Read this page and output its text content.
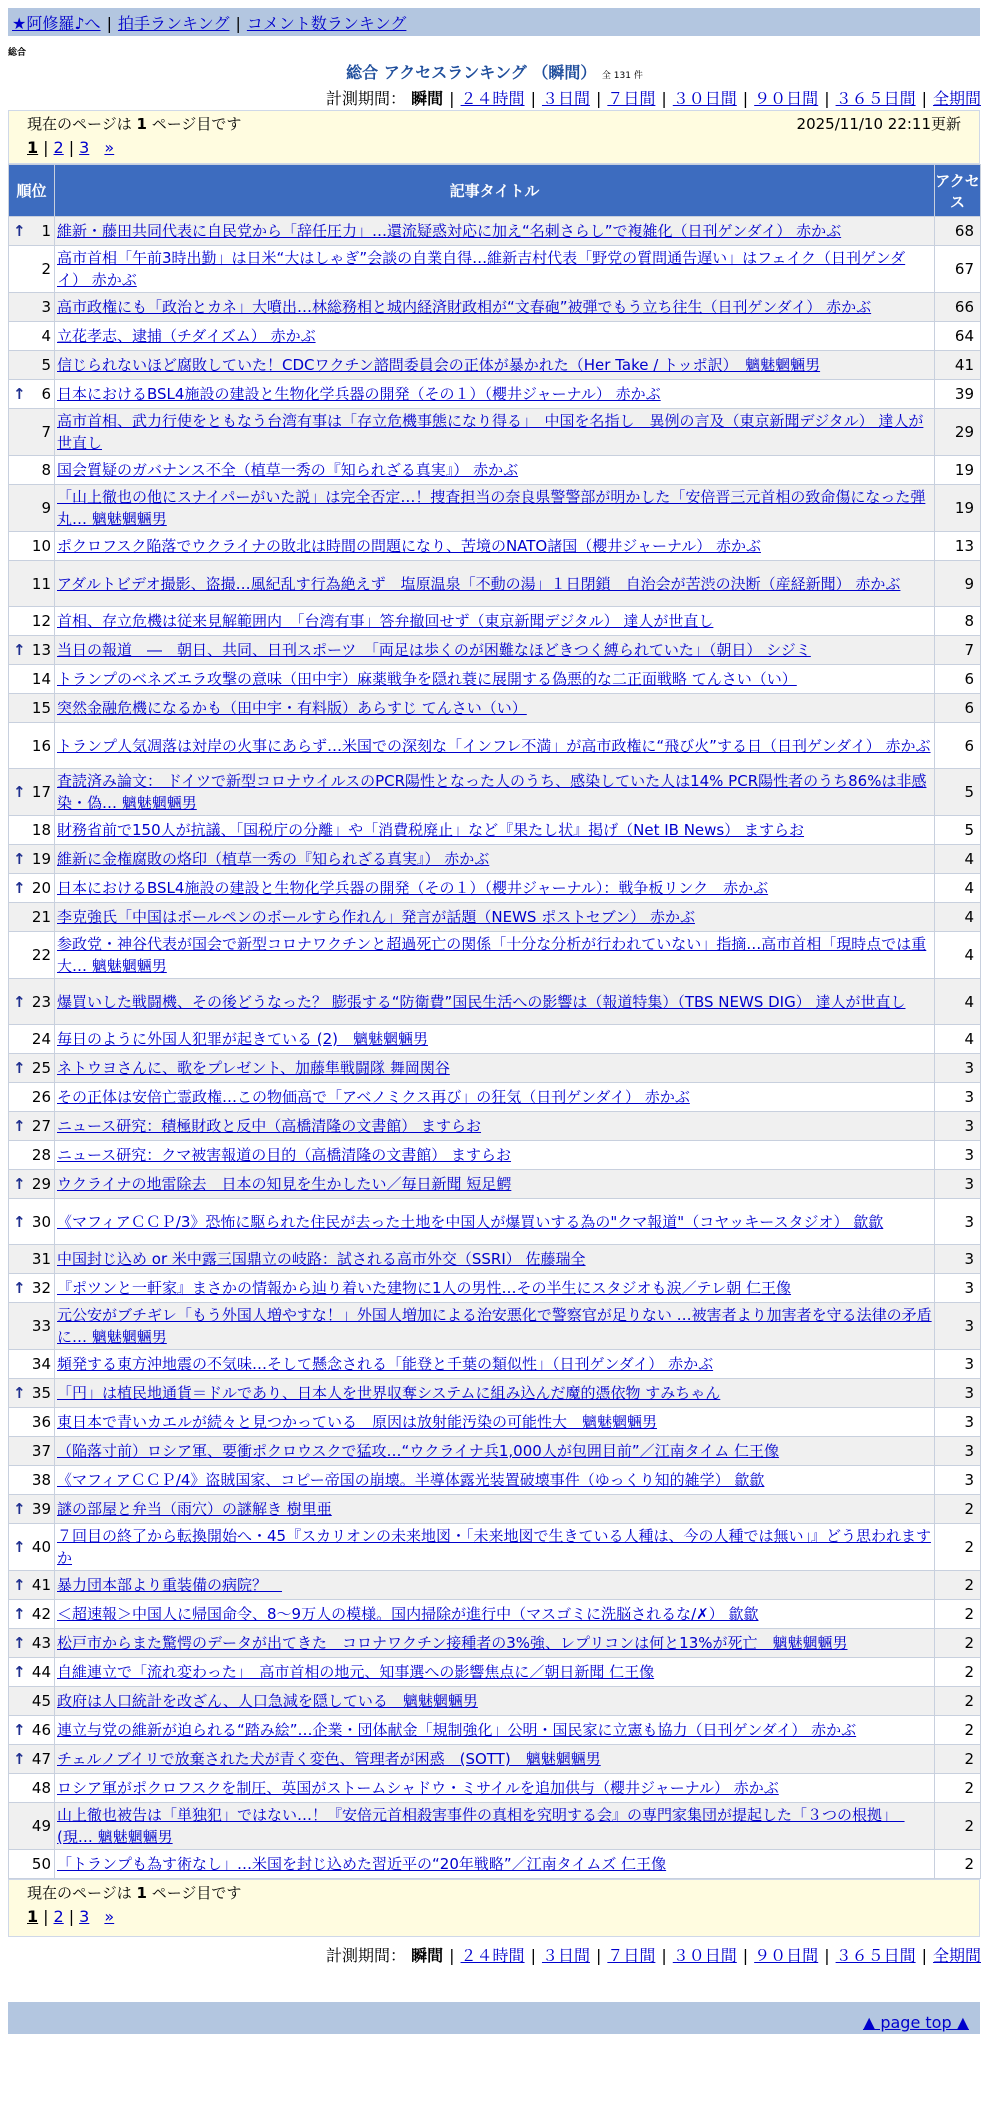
★阿修羅♪へ | 拍手ランキング | コメント数ランキング
総合
総合 アクセスランキング （瞬間） 全 131 件
計測期間： 瞬間 | ２４時間 | ３日間 | ７日間 | ３０日間 | ９０日間 | ３６５日間 | 全期間
現在のページは 1 ページ目です	2025/11/10 22:11更新
1 | 2 | 3 »
順位	記事タイトル	アクセス

↑ 1	維新・藤田共同代表に自民党から「辞任圧力」…還流疑惑対応に加え“名刺さらし”で複雑化（日刊ゲンダイ） 赤かぶ	68
2	高市首相「午前3時出勤」は日米“大はしゃぎ”会談の自業自得…維新吉村代表「野党の質問通告遅い」はフェイク（日刊ゲンダイ） 赤かぶ	67
3	高市政権にも「政治とカネ」大噴出…林総務相と城内経済財政相が“文春砲”被弾でもう立ち往生（日刊ゲンダイ） 赤かぶ	66
4	立花孝志、逮捕（チダイズム） 赤かぶ	64
5	信じられないほど腐敗していた！CDCワクチン諮問委員会の正体が暴かれた（Her Take / トッポ訳）　魑魅魍魎男	41

↑ 6	日本におけるBSL4施設の建設と生物化学兵器の開発（その１）（櫻井ジャーナル） 赤かぶ	39
7	高市首相、武力行使をともなう台湾有事は「存立危機事態になり得る」　中国を名指し　異例の言及（東京新聞デジタル） 達人が世直し	29
8	国会質疑のガバナンス不全（植草一秀の『知られざる真実』） 赤かぶ	19
9	「山上徹也の他にスナイパーがいた説」は完全否定…！捜査担当の奈良県警警部が明かした「安倍晋三元首相の致命傷になった弾丸… 魑魅魍魎男	19
10	ポクロフスク陥落でウクライナの敗北は時間の問題になり、苦境のNATO諸国（櫻井ジャーナル） 赤かぶ	13
11	アダルトビデオ撮影、盗撮…風紀乱す行為絶えず　塩原温泉「不動の湯」１日閉鎖　自治会が苦渋の決断（産経新聞） 赤かぶ	9
12	首相、存立危機は従来見解範囲内　「台湾有事」答弁撤回せず（東京新聞デジタル） 達人が世直し	8

↑ 13	当日の報道　―　朝日、共同、日刊スポーツ　「両足は歩くのが困難なほどきつく縛られていた」（朝日） シジミ	7
14	トランプのベネズエラ攻撃の意味（田中宇）麻薬戦争を隠れ蓑に展開する偽悪的な二正面戦略 てんさい（い）	6
15	突然金融危機になるかも（田中宇・有料版）あらすじ てんさい（い）	6
16	トランプ人気凋落は対岸の火事にあらず…米国での深刻な「インフレ不満」が高市政権に“飛び火”する日（日刊ゲンダイ） 赤かぶ	6

↑ 17	査読済み論文： ドイツで新型コロナウイルスのPCR陽性となった人のうち、感染していた人は14% PCR陽性者のうち86%は非感染・偽… 魑魅魍魎男	5
18	財務省前で150人が抗議、「国税庁の分離」や「消費税廃止」など『果たし状』掲げ（Net IB News） ますらお	5

↑ 19	維新に金権腐敗の烙印（植草一秀の『知られざる真実』） 赤かぶ	4

↑ 20	日本におけるBSL4施設の建設と生物化学兵器の開発（その１）（櫻井ジャーナル）：戦争板リンク　赤かぶ	4
21	李克強氏「中国はボールペンのボールすら作れん」発言が話題（NEWS ポストセブン） 赤かぶ	4
22	参政党・神谷代表が国会で新型コロナワクチンと超過死亡の関係「十分な分析が行われていない」指摘…高市首相「現時点では重大… 魑魅魍魎男	4

↑ 23	爆買いした戦闘機、その後どうなった？ 膨張する“防衛費”国民生活への影響は（報道特集）（TBS NEWS DIG） 達人が世直し	4
24	毎日のように外国人犯罪が起きている (2)　魑魅魍魎男	4

↑ 25	ネトウヨさんに、歌をプレゼント、加藤隼戦闘隊 舞岡関谷	3
26	その正体は安倍亡霊政権…この物価高で「アベノミクス再び」の狂気（日刊ゲンダイ） 赤かぶ	3

↑ 27	ニュース研究：積極財政と反中（高橋清隆の文書館） ますらお	3
28	ニュース研究：クマ被害報道の目的（高橋清隆の文書館） ますらお	3

↑ 29	ウクライナの地雷除去　日本の知見を生かしたい／毎日新聞 短足鰐	3

↑ 30	《マフィアＣＣＰ/3》恐怖に駆られた住民が去った土地を中国人が爆買いする為の"クマ報道"（コヤッキースタジオ） 歙歙	3
31	中国封じ込め or 米中露三国鼎立の岐路：試される高市外交（SSRI） 佐藤瑞全	3

↑ 32	『ポツンと一軒家』まさかの情報から辿り着いた建物に1人の男性…その半生にスタジオも涙／テレ朝 仁王像	3
33	元公安がブチギレ「もう外国人増やすな！」外国人増加による治安悪化で警察官が足りない …被害者より加害者を守る法律の矛盾に… 魑魅魍魎男	3
34	頻発する東方沖地震の不気味…そして懸念される「能登と千葉の類似性」（日刊ゲンダイ） 赤かぶ	3

↑ 35	「円」は植民地通貨＝ドルであり、日本人を世界収奪システムに組み込んだ魔的憑依物 すみちゃん	3
36	東日本で青いカエルが続々と見つかっている　原因は放射能汚染の可能性大　魑魅魍魎男	3
37	（陥落寸前）ロシア軍、要衝ポクロウスクで猛攻…“ウクライナ兵1,000人が包囲目前”／江南タイム 仁王像	3
38	《マフィアＣＣＰ/4》盗賊国家、コピー帝国の崩壊。半導体露光装置破壊事件（ゆっくり知的雑学） 歙歙	3

↑ 39	謎の部屋と弁当（雨穴）の謎解き 樹里亜	2

↑ 40	７回目の終了から転換開始へ・45『スカリオンの未来地図・「未来地図で生きている人種は、今の人種では無い」』どう思われますか	2

↑ 41	暴力団本部より重装備の病院？　	2

↑ 42	＜超速報＞中国人に帰国命令、8～9万人の模様。国内掃除が進行中（マスゴミに洗脳されるな/✗） 歙歙	2

↑ 43	松戸市からまた驚愕のデータが出てきた　コロナワクチン接種者の3%強、レプリコンは何と13%が死亡　魑魅魍魎男	2

↑ 44	自維連立で「流れ変わった」　高市首相の地元、知事選への影響焦点に／朝日新聞 仁王像	2
45	政府は人口統計を改ざん、人口急減を隠している　魑魅魍魎男	2

↑ 46	連立与党の維新が迫られる“踏み絵”…企業・団体献金「規制強化」公明・国民家に立憲も協力（日刊ゲンダイ） 赤かぶ	2

↑ 47	チェルノブイリで放棄された犬が青く変色、管理者が困惑　(SOTT)　魑魅魍魎男	2
48	ロシア軍がポクロフスクを制圧、英国がストームシャドウ・ミサイルを追加供与（櫻井ジャーナル） 赤かぶ	2
49	山上徹也被告は「単独犯」ではない…！『安倍元首相殺害事件の真相を究明する会』の専門家集団が提起した「３つの根拠」　(現… 魑魅魍魎男	2
50	「トランプも為す術なし」…米国を封じ込めた習近平の“20年戦略”／江南タイムズ 仁王像	2
現在のページは 1 ページ目です
1 | 2 | 3 »
計測期間： 瞬間 | ２４時間 | ３日間 | ７日間 | ３０日間 | ９０日間 | ３６５日間 | 全期間
▲ page top ▲
